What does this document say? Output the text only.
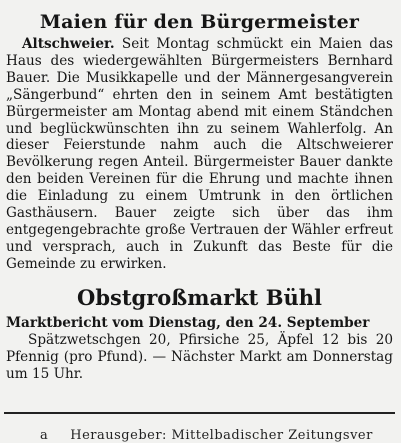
Maien für den Bürgermeister

Altschweier. Seit Montag schmückt ein Maien das Haus des wiedergewählten Bürgermeisters Bernhard Bauer. Die Musikkapelle und der Männergesangverein „Sängerbund“ ehrten den in seinem Amt bestätigten Bürgermeister am Montag abend mit einem Ständchen und beglückwünschten ihn zu seinem Wahlerfolg. An dieser Feierstunde nahm auch die Altschweierer Bevölkerung regen Anteil. Bürgermeister Bauer dankte den beiden Vereinen für die Ehrung und machte ihnen die Einladung zu einem Umtrunk in den örtlichen Gasthäusern. Bauer zeigte sich über das ihm entgegengebrachte große Vertrauen der Wähler erfreut und versprach, auch in Zukunft das Beste für die Gemeinde zu erwirken.

Obstgroßmarkt Bühl

Marktbericht vom Dienstag, den 24. September

Spätzwetschgen 20, Pfirsiche 25, Äpfel 12 bis 20 Pfennig (pro Pfund). — Nächster Markt am Donnerstag um 15 Uhr.

a Herausgeber: Mittelbadischer Zeitungsver
